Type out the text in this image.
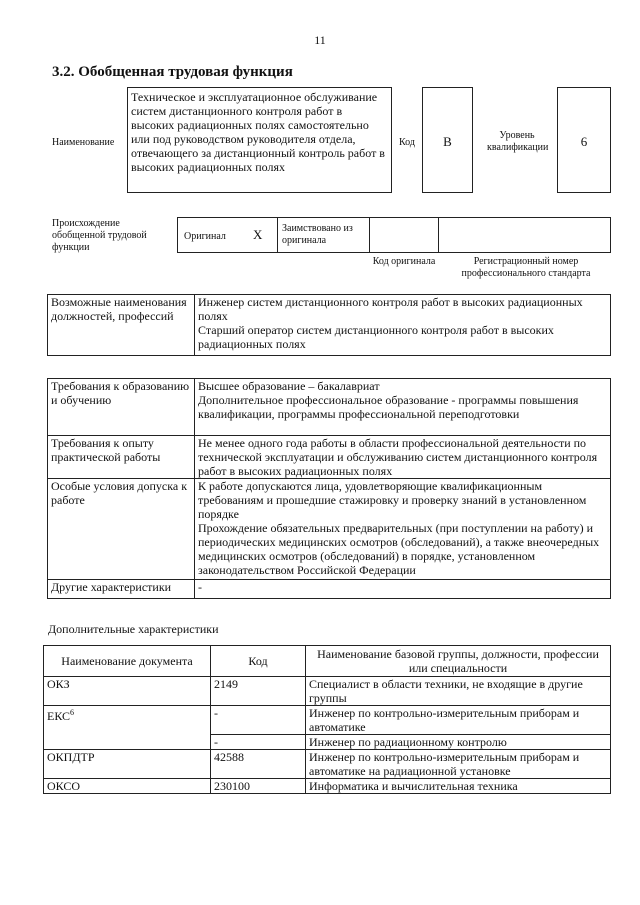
11
3.2. Обобщенная трудовая функция
Наименование
Техническое и эксплуатационное обслуживание систем дистанционного контроля работ в высоких радиационных полях самостоятельно или под руководством руководителя отдела, отвечающего за дистанционный контроль работ в высоких радиационных полях
Код	В	Уровень квалификации	6
Происхождение обобщенной трудовой функции
Оригинал X Заимствовано из оригинала
Код оригинала	Регистрационный номер профессионального стандарта
Возможные наименования должностей, профессий	
Инженер систем дистанционного контроля работ в высоких радиационных полях
Старший оператор систем дистанционного контроля работ в высоких радиационных полях
Требования к образованию и обучению	Высшее образование – бакалавриат
Дополнительное профессиональное образование - программы повышения квалификации, программы профессиональной переподготовки

Требования к опыту практической работы	Не менее одного года работы в области профессиональной деятельности по технической эксплуатации и обслуживанию систем дистанционного контроля работ в высоких радиационных полях

Особые условия допуска к работе	К работе допускаются лица, удовлетворяющие квалификационным требованиям и прошедшие стажировку и проверку знаний в установленном порядке
Прохождение обязательных предварительных (при поступлении на работу) и периодических медицинских осмотров (обследований), а также внеочередных медицинских осмотров (обследований) в порядке, установленном законодательством Российской Федерации

Другие характеристики	-
Дополнительные характеристики
Наименование документа	Код	Наименование базовой группы, должности, профессии или специальности
ОКЗ	2149	Специалист в области техники, не входящие в другие группы
ЕКС$^6$	-	Инженер по контрольно-измерительным приборам и автоматике
	-	Инженер по радиационному контролю
ОКПДТР	42588	Инженер по контрольно-измерительным приборам и автоматике на радиационной установке
ОКСО	230100	Информатика и вычислительная техника
